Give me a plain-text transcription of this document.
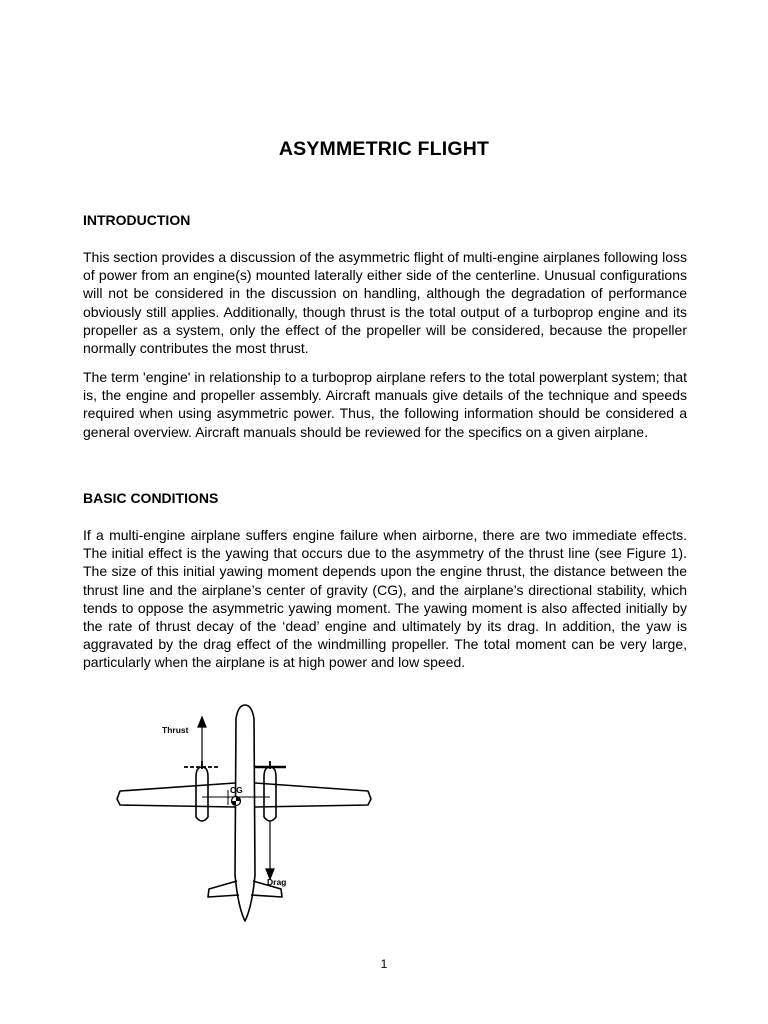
ASYMMETRIC FLIGHT
INTRODUCTION

This section provides a discussion of the asymmetric flight of multi-engine airplanes following loss of power from an engine(s) mounted laterally either side of the centerline. Unusual configurations will not be considered in the discussion on handling, although the degradation of performance obviously still applies. Additionally, though thrust is the total output of a turboprop engine and its propeller as a system, only the effect of the propeller will be considered, because the propeller normally contributes the most thrust.

The term 'engine' in relationship to a turboprop airplane refers to the total powerplant system; that is, the engine and propeller assembly. Aircraft manuals give details of the technique and speeds required when using asymmetric power. Thus, the following information should be considered a general overview. Aircraft manuals should be reviewed for the specifics on a given airplane.

BASIC CONDITIONS

If a multi-engine airplane suffers engine failure when airborne, there are two immediate effects. The initial effect is the yawing that occurs due to the asymmetry of the thrust line (see Figure 1). The size of this initial yawing moment depends upon the engine thrust, the distance between the thrust line and the airplane’s center of gravity (CG), and the airplane’s directional stability, which tends to oppose the asymmetric yawing moment. The yawing moment is also affected initially by the rate of thrust decay of the ‘dead’ engine and ultimately by its drag. In addition, the yaw is aggravated by the drag effect of the windmilling propeller. The total moment can be very large, particularly when the airplane is at high power and low speed.

Thrust
CG
Drag
1
